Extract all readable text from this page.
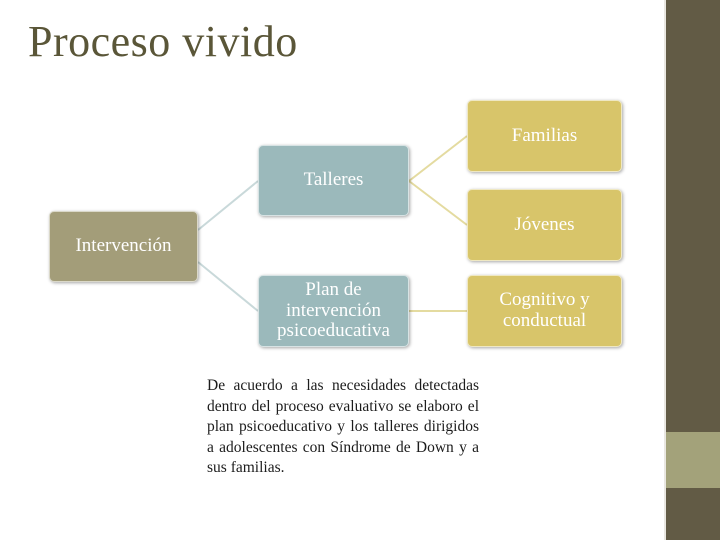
Proceso vivido
Intervención
Talleres
Plan de intervención psicoeducativa
Familias
Jóvenes
Cognitivo y conductual
De acuerdo a las necesidades detectadas dentro del proceso evaluativo se elaboro el plan psicoeducativo y los talleres dirigidos a adolescentes con Síndrome de Down y a sus familias.
